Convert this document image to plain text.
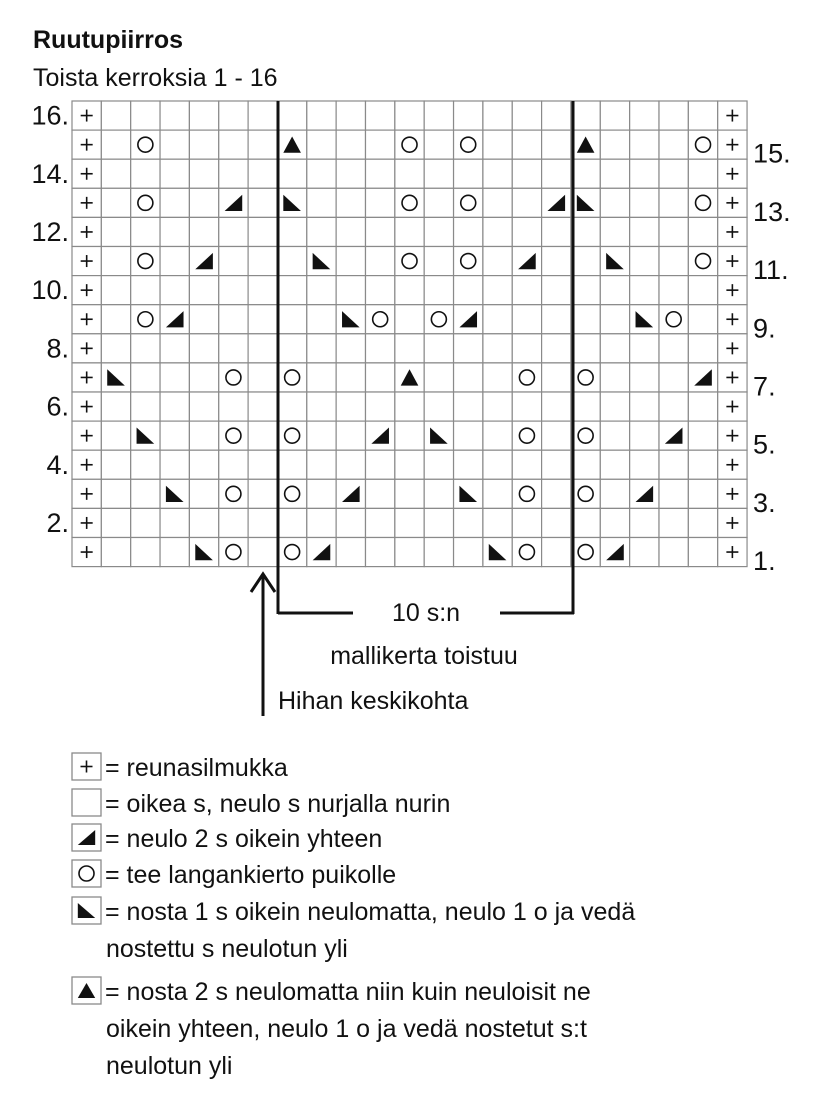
Ruutupiirros
Toista kerroksia 1 - 16
16.
14.
12.
10.
8.
6.
4.
2.
15.
13.
11.
9.
7.
5.
3.
1.
10 s:n
mallikerta toistuu
Hihan keskikohta
= reunasilmukka
= oikea s, neulo s nurjalla nurin
= neulo 2 s oikein yhteen
= tee langankierto puikolle
= nosta 1 s oikein neulomatta, neulo 1 o ja vedä
nostettu s neulotun yli
= nosta 2 s neulomatta niin kuin neuloisit ne
oikein yhteen, neulo 1 o ja vedä nostetut s:t
neulotun yli
